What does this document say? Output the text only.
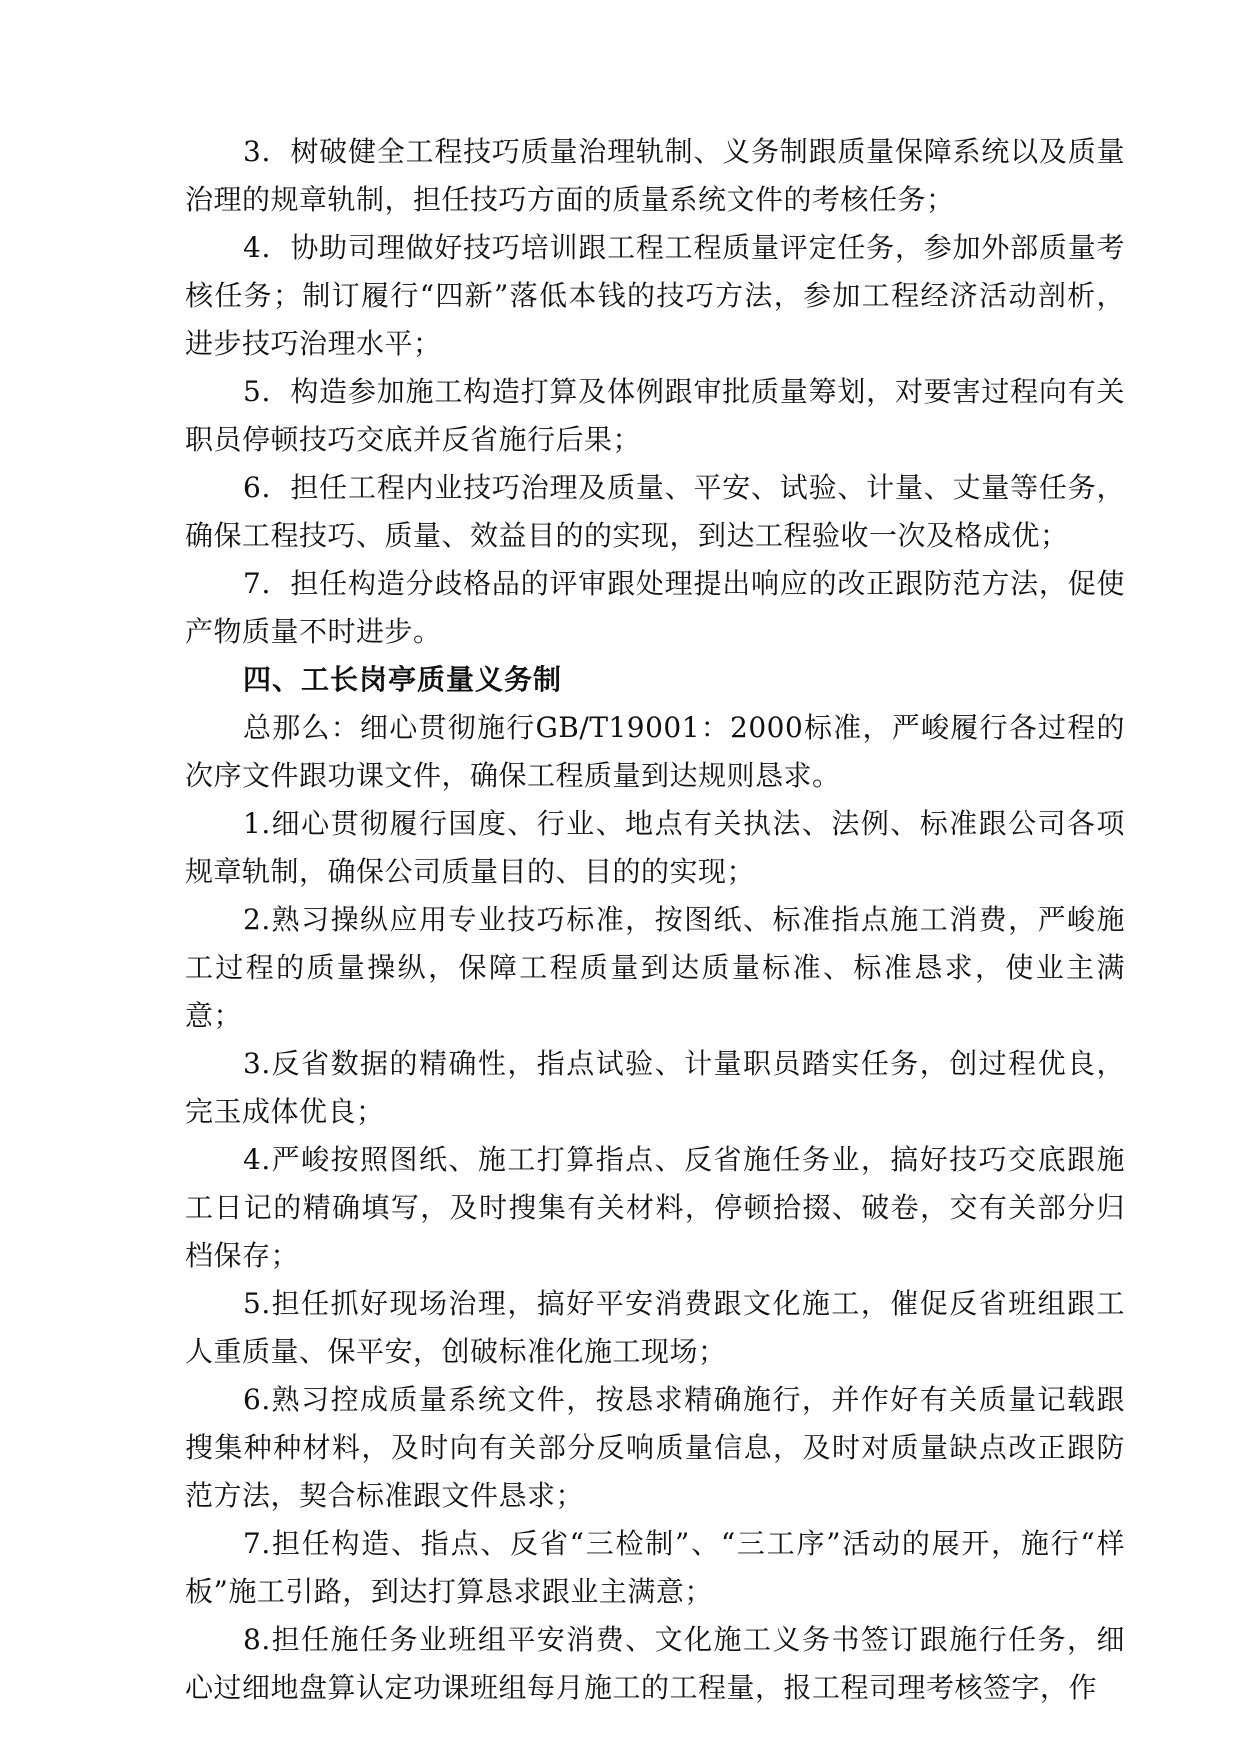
3．树破健全工程技巧质量治理轨制、义务制跟质量保障系统以及质量治理的规章轨制，担任技巧方面的质量系统文件的考核任务；

4．协助司理做好技巧培训跟工程工程质量评定任务，参加外部质量考核任务；制订履行“四新”落低本钱的技巧方法，参加工程经济活动剖析，进步技巧治理水平；

5．构造参加施工构造打算及体例跟审批质量筹划，对要害过程向有关职员停顿技巧交底并反省施行后果；

6．担任工程内业技巧治理及质量、平安、试验、计量、丈量等任务，确保工程技巧、质量、效益目的的实现，到达工程验收一次及格成优；

7．担任构造分歧格品的评审跟处理提出响应的改正跟防范方法，促使产物质量不时进步。

四、工长岗亭质量义务制

总那么：细心贯彻施行GB/T19001：2000标准，严峻履行各过程的次序文件跟功课文件，确保工程质量到达规则恳求。

1.细心贯彻履行国度、行业、地点有关执法、法例、标准跟公司各项规章轨制，确保公司质量目的、目的的实现；

2.熟习操纵应用专业技巧标准，按图纸、标准指点施工消费，严峻施工过程的质量操纵，保障工程质量到达质量标准、标准恳求，使业主满意；

3.反省数据的精确性，指点试验、计量职员踏实任务，创过程优良，完玉成体优良；

4.严峻按照图纸、施工打算指点、反省施任务业，搞好技巧交底跟施工日记的精确填写，及时搜集有关材料，停顿拾掇、破卷，交有关部分归档保存；

5.担任抓好现场治理，搞好平安消费跟文化施工，催促反省班组跟工人重质量、保平安，创破标准化施工现场；

6.熟习控成质量系统文件，按恳求精确施行，并作好有关质量记载跟搜集种种材料，及时向有关部分反响质量信息，及时对质量缺点改正跟防范方法，契合标准跟文件恳求；

7.担任构造、指点、反省“三检制”、“三工序”活动的展开，施行“样板”施工引路，到达打算恳求跟业主满意；

8.担任施任务业班组平安消费、文化施工义务书签订跟施行任务，细心过细地盘算认定功课班组每月施工的工程量，报工程司理考核签字，作
